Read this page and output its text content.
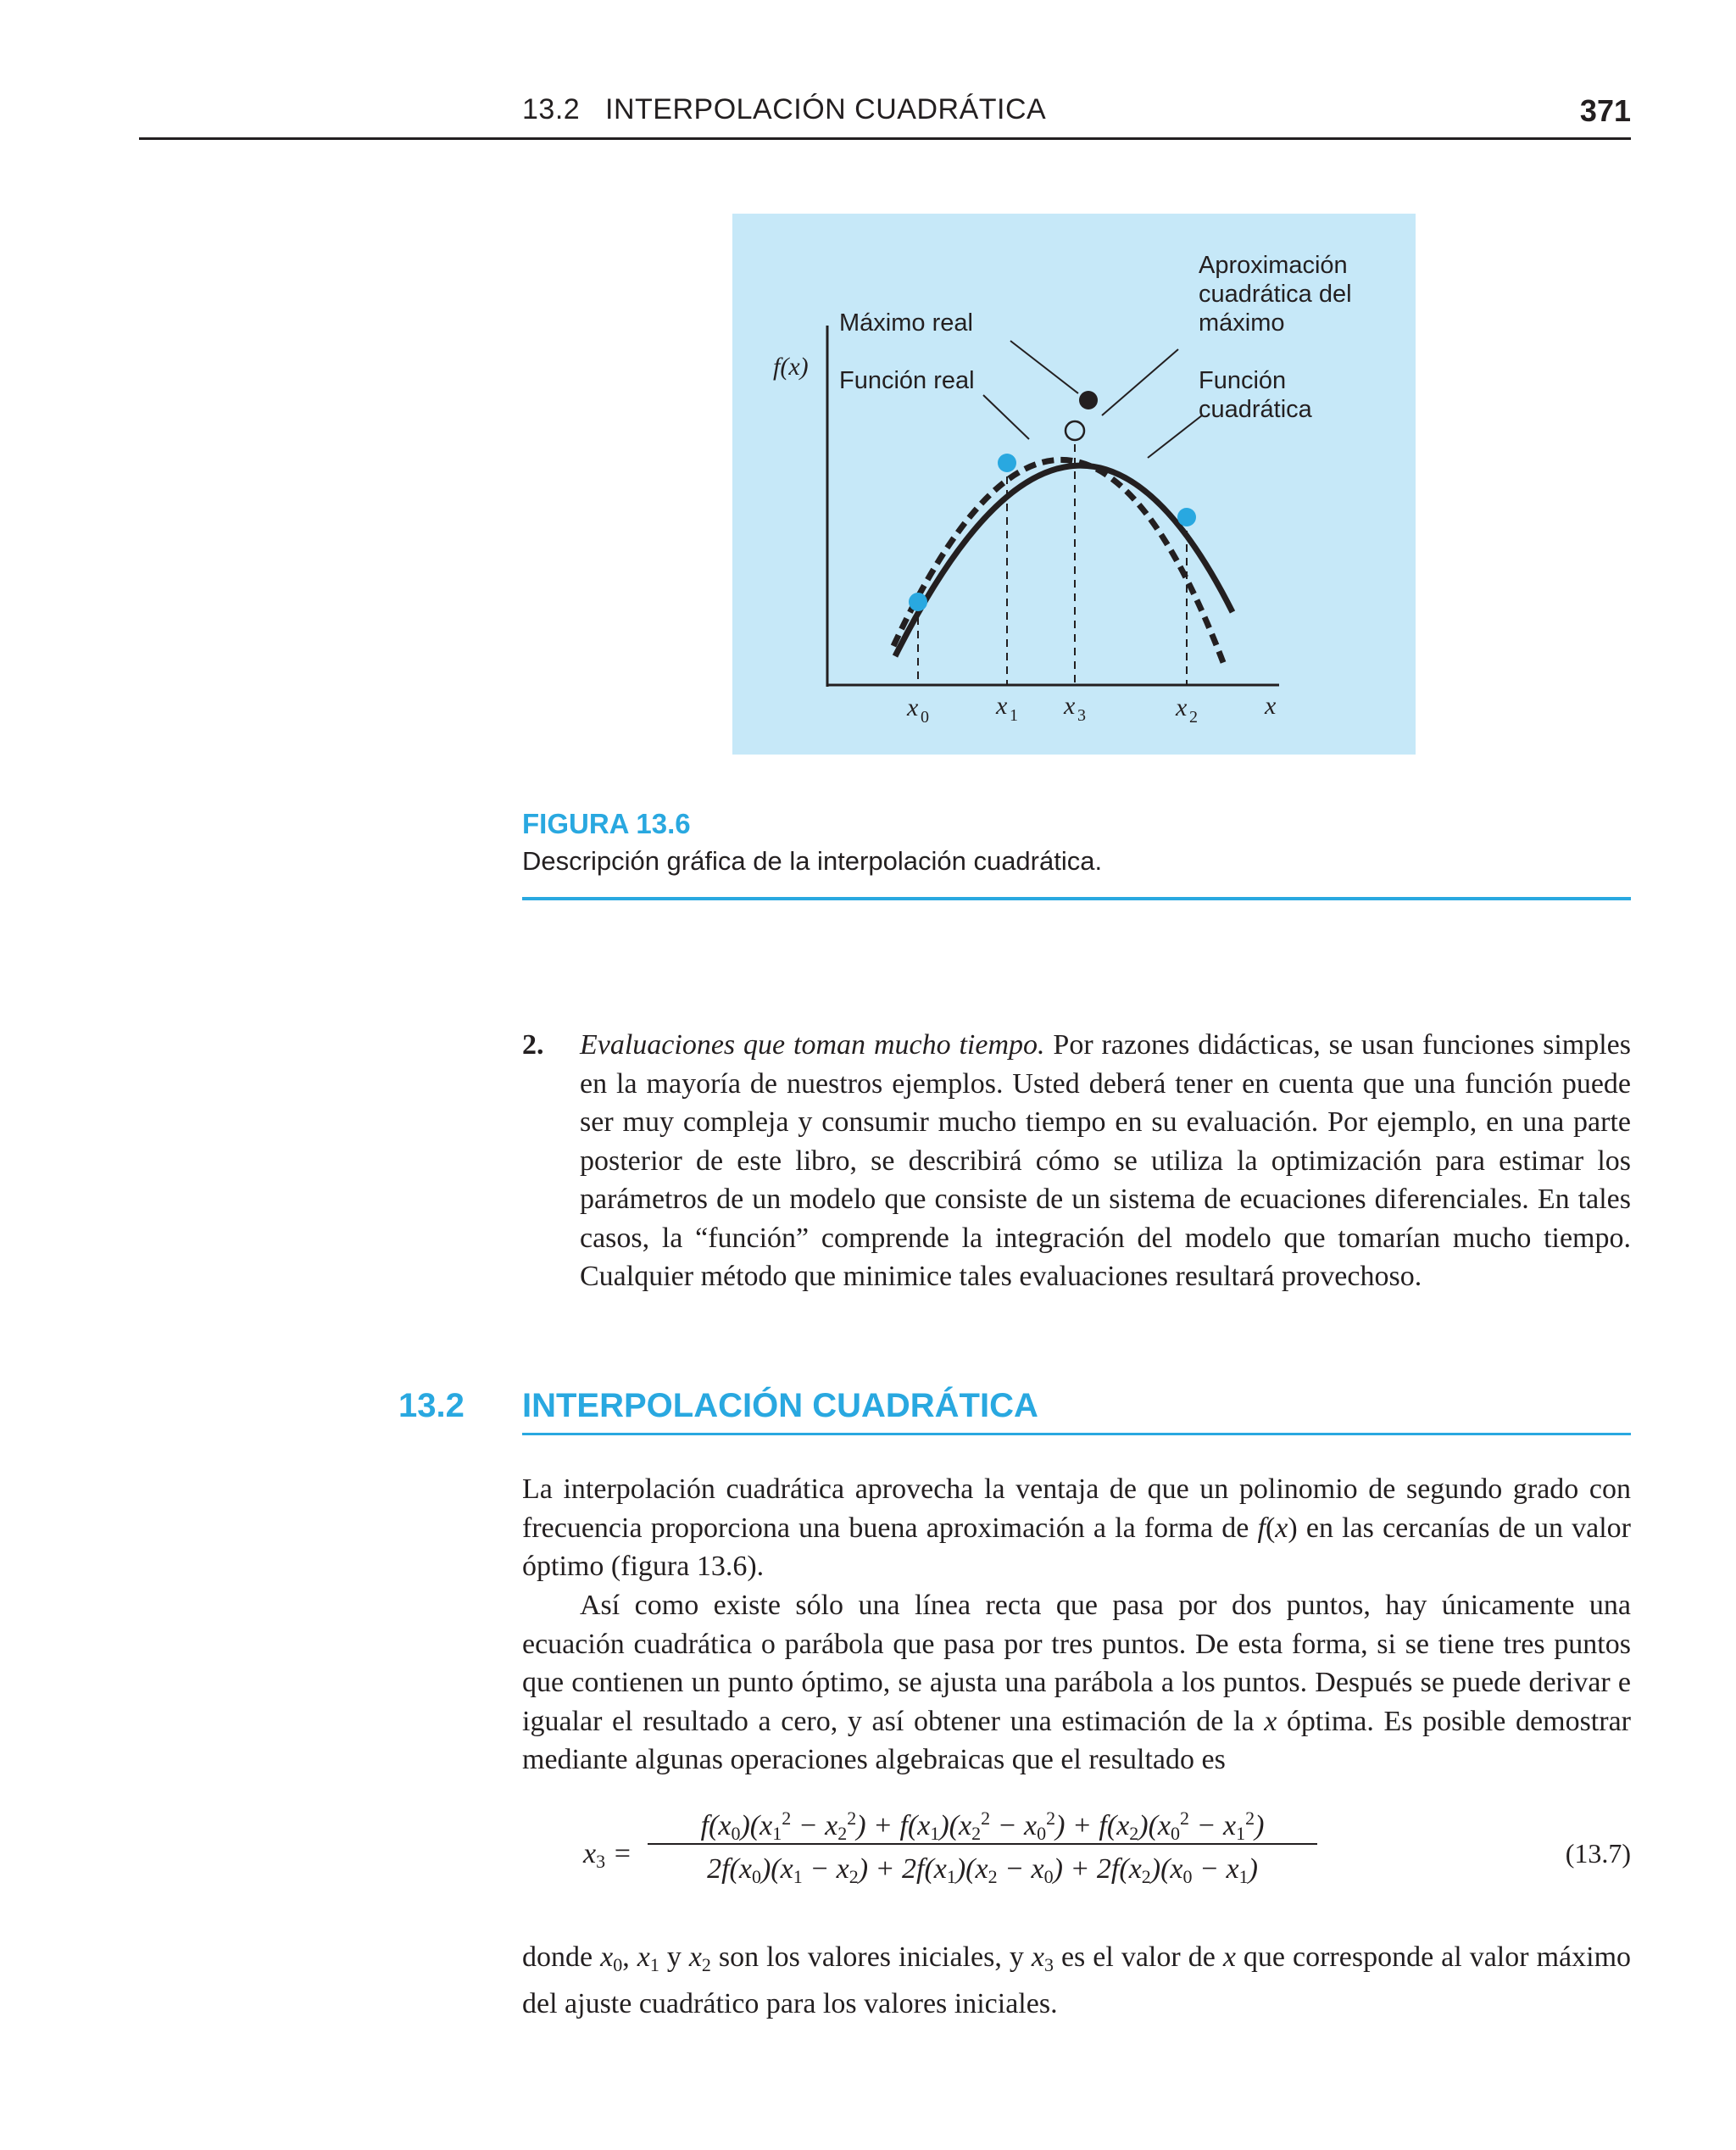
13.2   INTERPOLACIÓN CUADRÁTICA	371
f(x)
Máximo real
Función real
Aproximación
cuadrática del
máximo
Función
cuadrática
x 0	x 1 x 3	x 2	x
FIGURA 13.6
Descripción gráfica de la interpolación cuadrática.
2. Evaluaciones que toman mucho tiempo. Por razones didácticas, se usan funciones simples en la mayoría de nuestros ejemplos. Usted deberá tener en cuenta que una función puede ser muy compleja y consumir mucho tiempo en su evaluación. Por ejemplo, en una parte posterior de este libro, se describirá cómo se utiliza la optimización para estimar los parámetros de un modelo que consiste de un sistema de ecuaciones diferenciales. En tales casos, la “función” comprende la integración del modelo que tomarían mucho tiempo. Cualquier método que minimice tales evaluaciones resultará provechoso.
13.2 INTERPOLACIÓN CUADRÁTICA
La interpolación cuadrática aprovecha la ventaja de que un polinomio de segundo grado con frecuencia proporciona una buena aproximación a la forma de f(x) en las cercanías de un valor óptimo (figura 13.6).
Así como existe sólo una línea recta que pasa por dos puntos, hay únicamente una ecuación cuadrática o parábola que pasa por tres puntos. De esta forma, si se tiene tres puntos que contienen un punto óptimo, se ajusta una parábola a los puntos. Después se puede derivar e igualar el resultado a cero, y así obtener una estimación de la x óptima. Es posible demostrar mediante algunas operaciones algebraicas que el resultado es
$x_3$ =
$f(x_0)(x_1^2 - x_2^2) + f(x_1)(x_2^2 - x_0^2) + f(x_2)(x_0^2 - x_1^2)$
$2f(x_0)(x_1 - x_2) + 2f(x_1)(x_2 - x_0) + 2f(x_2)(x_0 - x_1)$	(13.7)
donde $x_0$, $x_1$ y $x_2$ son los valores iniciales, y $x_3$ es el valor de x que corresponde al valor máximo del ajuste cuadrático para los valores iniciales.
